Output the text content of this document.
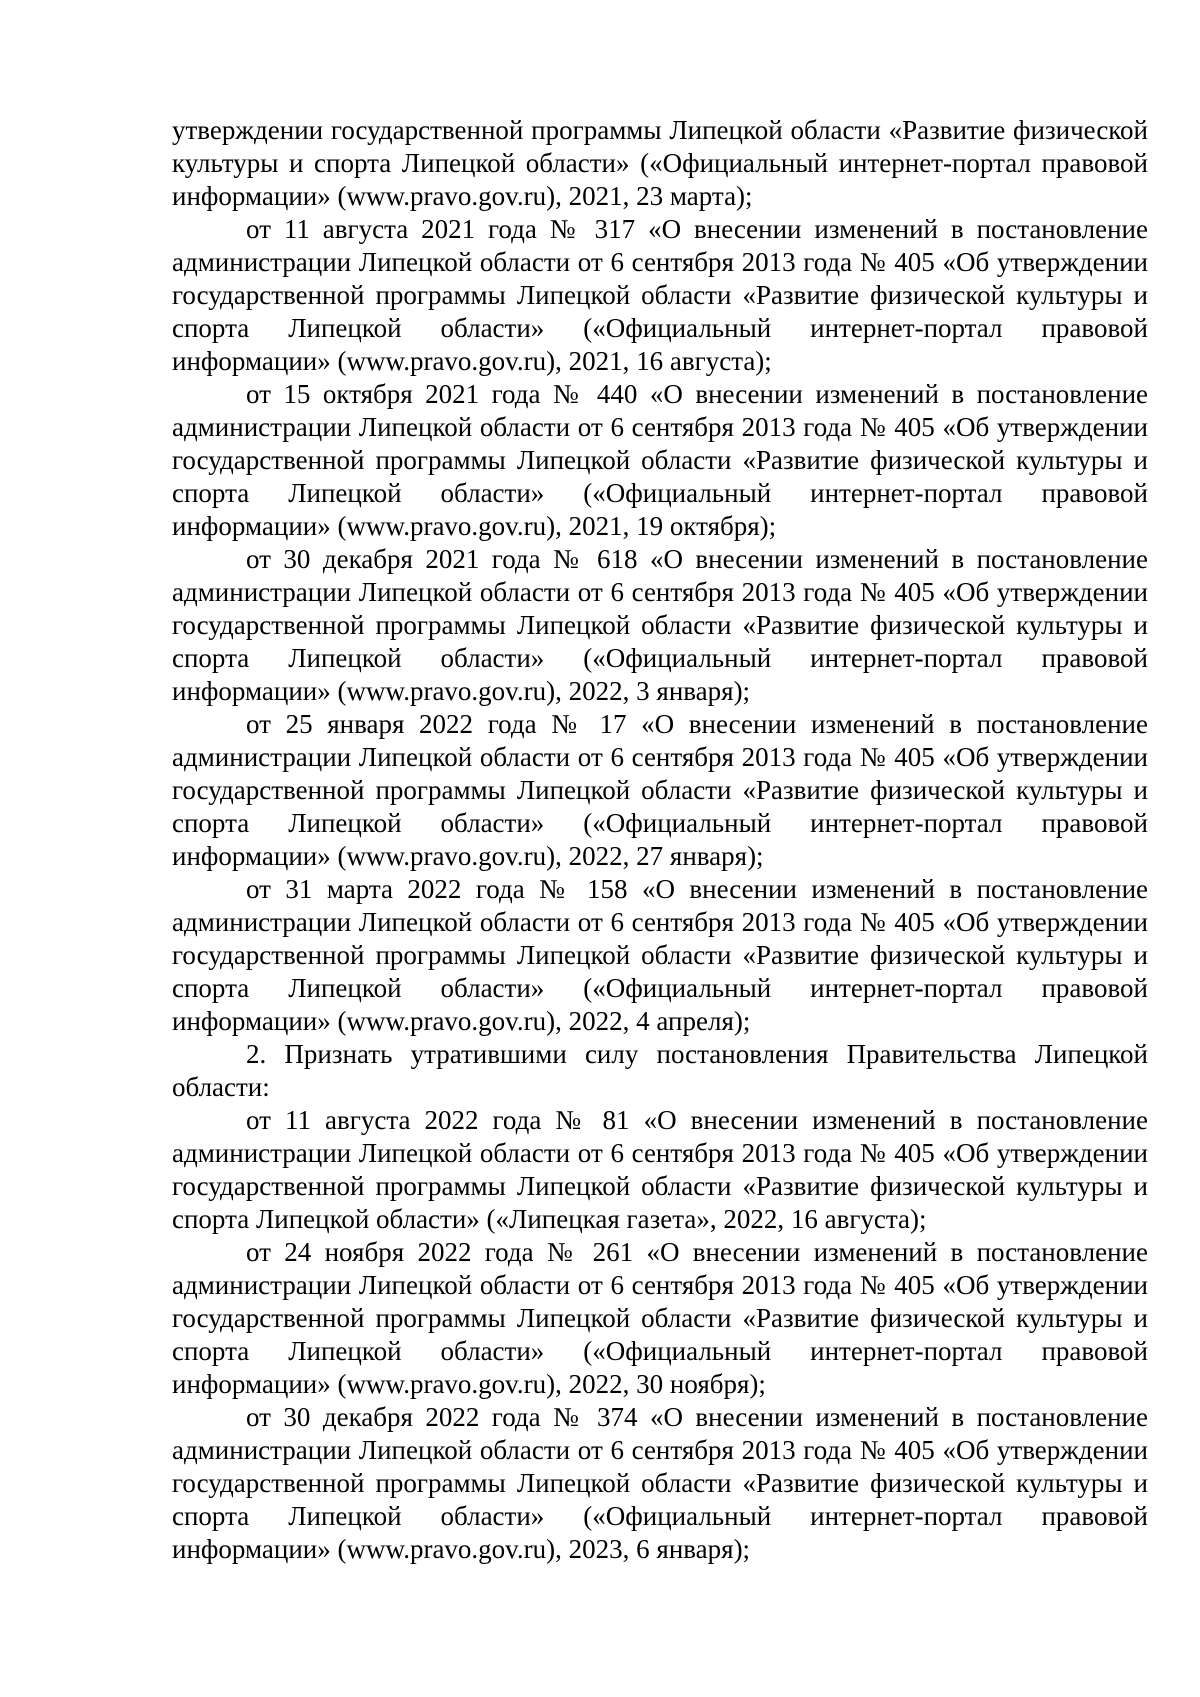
утверждении государственной программы Липецкой области «Развитие физической культуры и спорта Липецкой области» («Официальный интернет-портал правовой информации» (www.pravo.gov.ru), 2021, 23 марта);

от 11 августа 2021 года № 317 «О внесении изменений в постановление администрации Липецкой области от 6 сентября 2013 года № 405 «Об утверждении государственной программы Липецкой области «Развитие физической культуры и спорта Липецкой области» («Официальный интернет-портал правовой информации» (www.pravo.gov.ru), 2021, 16 августа);

от 15 октября 2021 года № 440 «О внесении изменений в постановление администрации Липецкой области от 6 сентября 2013 года № 405 «Об утверждении государственной программы Липецкой области «Развитие физической культуры и спорта Липецкой области» («Официальный интернет-портал правовой информации» (www.pravo.gov.ru), 2021, 19 октября);

от 30 декабря 2021 года № 618 «О внесении изменений в постановление администрации Липецкой области от 6 сентября 2013 года № 405 «Об утверждении государственной программы Липецкой области «Развитие физической культуры и спорта Липецкой области» («Официальный интернет-портал правовой информации» (www.pravo.gov.ru), 2022, 3 января);

от 25 января 2022 года № 17 «О внесении изменений в постановление администрации Липецкой области от 6 сентября 2013 года № 405 «Об утверждении государственной программы Липецкой области «Развитие физической культуры и спорта Липецкой области» («Официальный интернет-портал правовой информации» (www.pravo.gov.ru), 2022, 27 января);

от 31 марта 2022 года № 158 «О внесении изменений в постановление администрации Липецкой области от 6 сентября 2013 года № 405 «Об утверждении государственной программы Липецкой области «Развитие физической культуры и спорта Липецкой области» («Официальный интернет-портал правовой информации» (www.pravo.gov.ru), 2022, 4 апреля);

2. Признать утратившими силу постановления Правительства Липецкой области:

от 11 августа 2022 года № 81 «О внесении изменений в постановление администрации Липецкой области от 6 сентября 2013 года № 405 «Об утверждении государственной программы Липецкой области «Развитие физической культуры и спорта Липецкой области» («Липецкая газета», 2022, 16 августа);

от 24 ноября 2022 года № 261 «О внесении изменений в постановление администрации Липецкой области от 6 сентября 2013 года № 405 «Об утверждении государственной программы Липецкой области «Развитие физической культуры и спорта Липецкой области» («Официальный интернет-портал правовой информации» (www.pravo.gov.ru), 2022, 30 ноября);

от 30 декабря 2022 года № 374 «О внесении изменений в постановление администрации Липецкой области от 6 сентября 2013 года № 405 «Об утверждении государственной программы Липецкой области «Развитие физической культуры и спорта Липецкой области» («Официальный интернет-портал правовой информации» (www.pravo.gov.ru), 2023, 6 января);
